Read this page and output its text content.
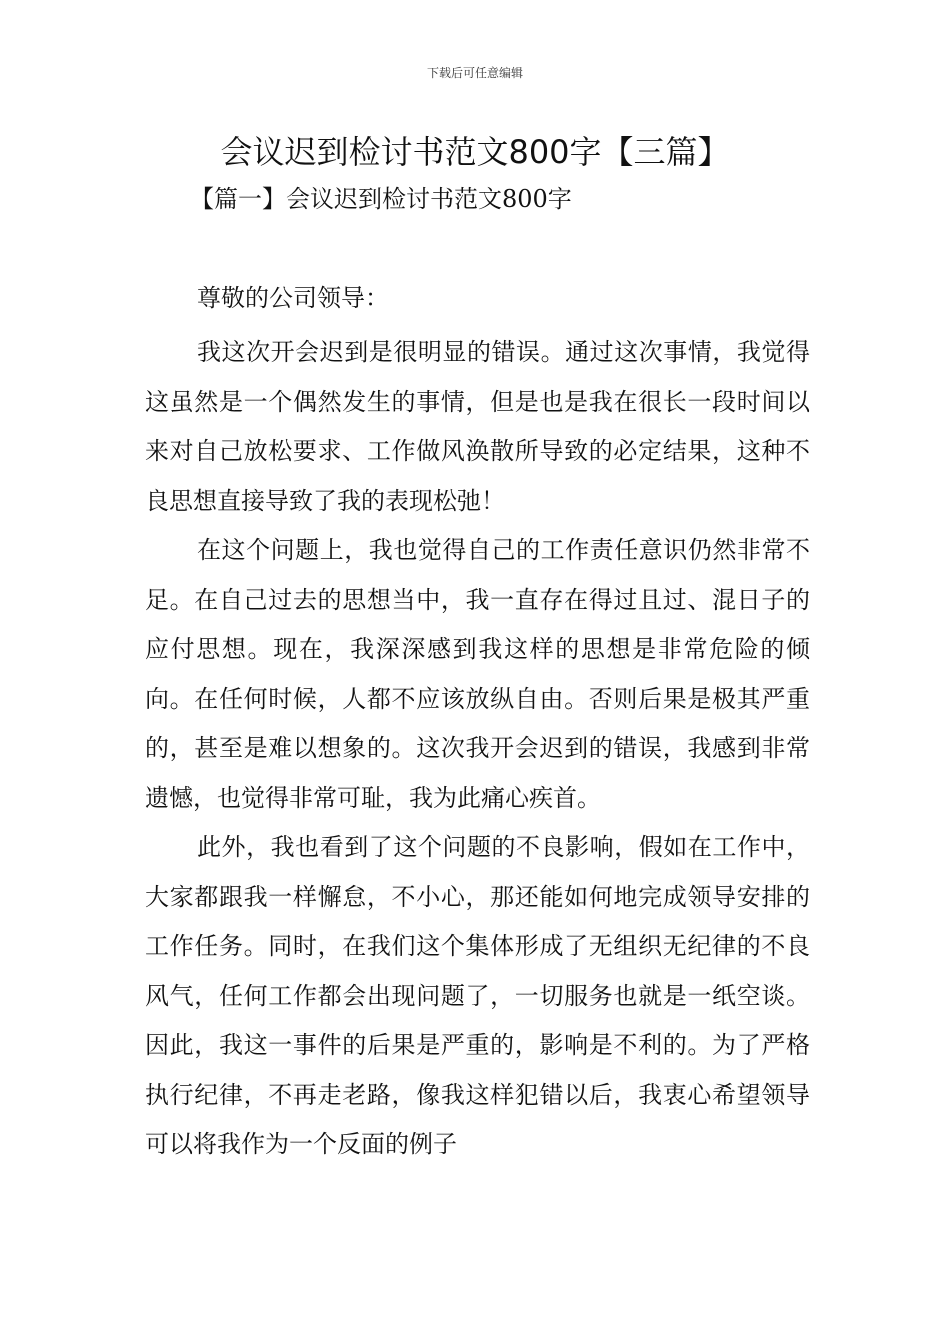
下载后可任意编辑
会议迟到检讨书范文800字【三篇】
【篇一】会议迟到检讨书范文800字

尊敬的公司领导：

我这次开会迟到是很明显的错误。通过这次事情，我觉得这虽然是一个偶然发生的事情，但是也是我在很长一段时间以来对自己放松要求、工作做风涣散所导致的必定结果，这种不良思想直接导致了我的表现松弛！

在这个问题上，我也觉得自己的工作责任意识仍然非常不足。在自己过去的思想当中，我一直存在得过且过、混日子的应付思想。现在，我深深感到我这样的思想是非常危险的倾向。在任何时候，人都不应该放纵自由。否则后果是极其严重的，甚至是难以想象的。这次我开会迟到的错误，我感到非常遗憾，也觉得非常可耻，我为此痛心疾首。

此外，我也看到了这个问题的不良影响，假如在工作中，大家都跟我一样懈怠，不小心，那还能如何地完成领导安排的工作任务。同时，在我们这个集体形成了无组织无纪律的不良风气，任何工作都会出现问题了，一切服务也就是一纸空谈。因此，我这一事件的后果是严重的，影响是不利的。为了严格执行纪律，不再走老路，像我这样犯错以后，我衷心希望领导可以将我作为一个反面的例子
